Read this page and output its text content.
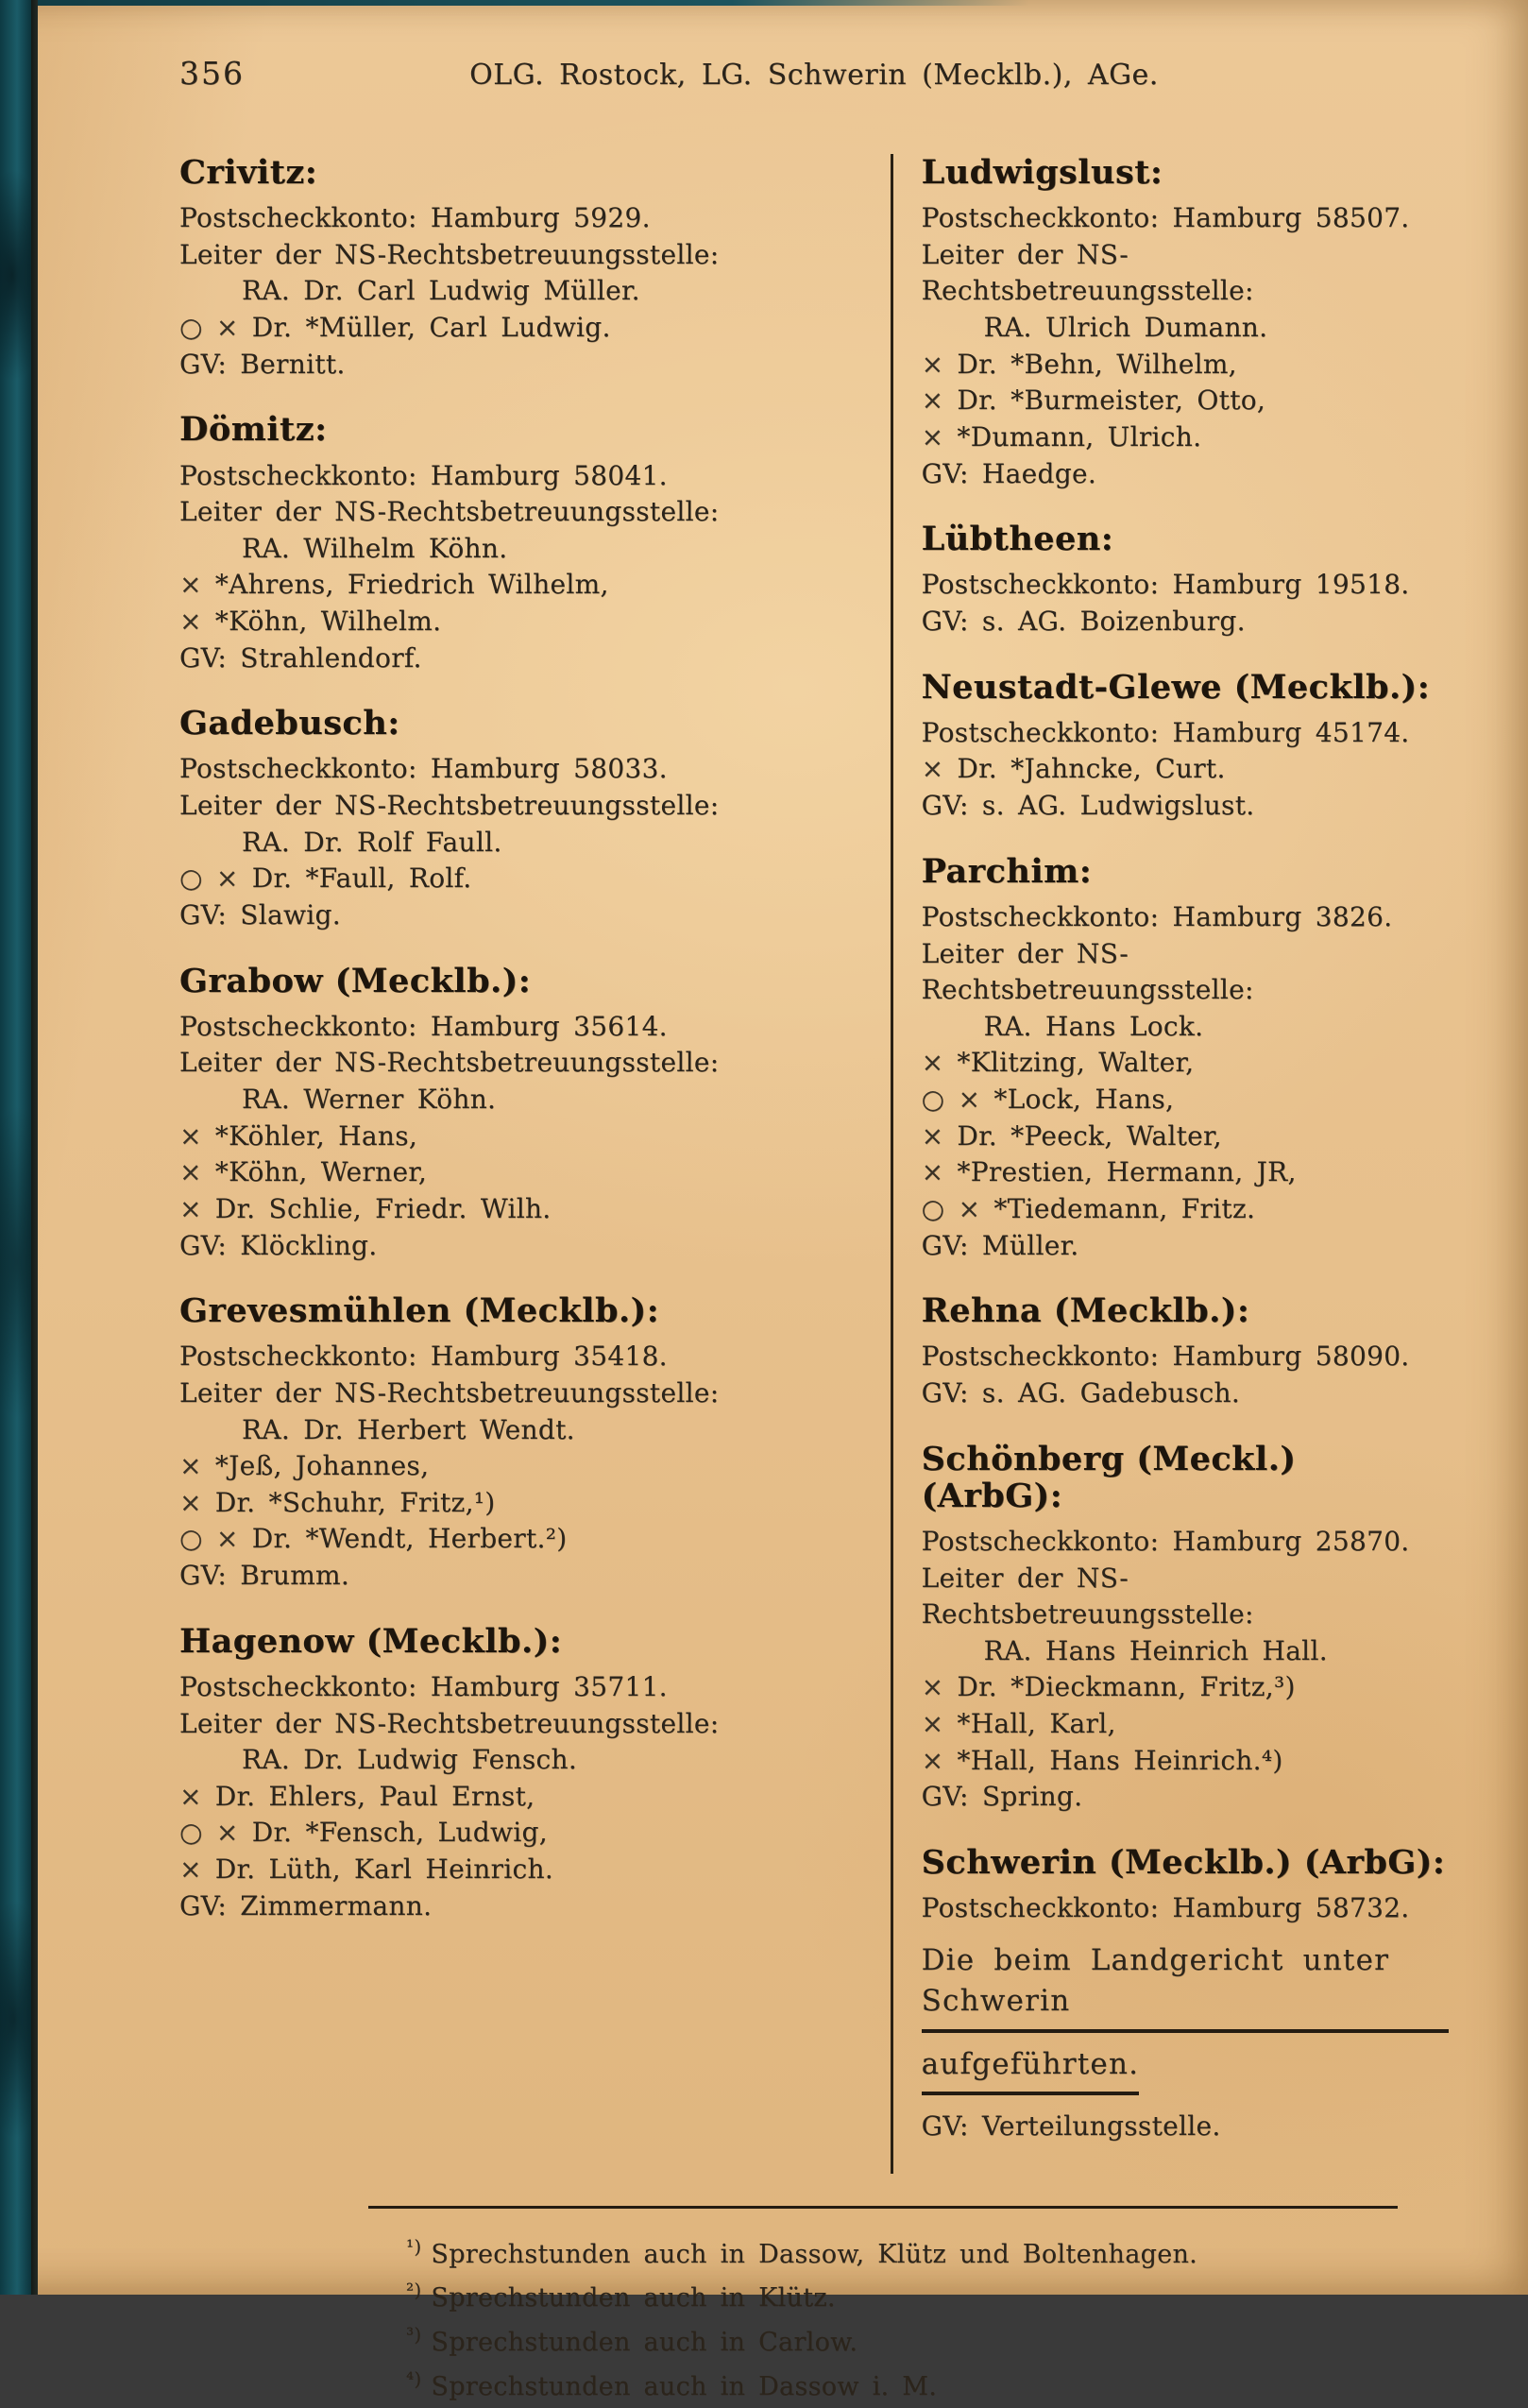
356	OLG. Rostock, LG. Schwerin (Mecklb.), AGe.
Crivitz:
Postscheckkonto: Hamburg 5929.
Leiter der NS-Rechtsbetreuungsstelle:
RA. Dr. Carl Ludwig Müller.
○ × Dr. *Müller, Carl Ludwig.
GV: Bernitt.
Dömitz:
Postscheckkonto: Hamburg 58041.
Leiter der NS-Rechtsbetreuungsstelle:
RA. Wilhelm Köhn.
× *Ahrens, Friedrich Wilhelm,
× *Köhn, Wilhelm.
GV: Strahlendorf.
Gadebusch:
Postscheckkonto: Hamburg 58033.
Leiter der NS-Rechtsbetreuungsstelle:
RA. Dr. Rolf Faull.
○ × Dr. *Faull, Rolf.
GV: Slawig.
Grabow (Mecklb.):
Postscheckkonto: Hamburg 35614.
Leiter der NS-Rechtsbetreuungsstelle:
RA. Werner Köhn.
× *Köhler, Hans,
× *Köhn, Werner,
× Dr. Schlie, Friedr. Wilh.
GV: Klöckling.
Grevesmühlen (Mecklb.):
Postscheckkonto: Hamburg 35418.
Leiter der NS-Rechtsbetreuungsstelle:
RA. Dr. Herbert Wendt.
× *Jeß, Johannes,
× Dr. *Schuhr, Fritz,¹)
○ × Dr. *Wendt, Herbert.²)
GV: Brumm.
Hagenow (Mecklb.):
Postscheckkonto: Hamburg 35711.
Leiter der NS-Rechtsbetreuungsstelle:
RA. Dr. Ludwig Fensch.
× Dr. Ehlers, Paul Ernst,
○ × Dr. *Fensch, Ludwig,
× Dr. Lüth, Karl Heinrich.
GV: Zimmermann.
Ludwigslust:
Postscheckkonto: Hamburg 58507.
Leiter der NS-Rechtsbetreuungsstelle:
RA. Ulrich Dumann.
× Dr. *Behn, Wilhelm,
× Dr. *Burmeister, Otto,
× *Dumann, Ulrich.
GV: Haedge.
Lübtheen:
Postscheckkonto: Hamburg 19518.
GV: s. AG. Boizenburg.
Neustadt-Glewe (Mecklb.):
Postscheckkonto: Hamburg 45174.
× Dr. *Jahncke, Curt.
GV: s. AG. Ludwigslust.
Parchim:
Postscheckkonto: Hamburg 3826.
Leiter der NS-Rechtsbetreuungsstelle:
RA. Hans Lock.
× *Klitzing, Walter,
○ × *Lock, Hans,
× Dr. *Peeck, Walter,
× *Prestien, Hermann, JR,
○ × *Tiedemann, Fritz.
GV: Müller.
Rehna (Mecklb.):
Postscheckkonto: Hamburg 58090.
GV: s. AG. Gadebusch.
Schönberg (Meckl.) (ArbG):
Postscheckkonto: Hamburg 25870.
Leiter der NS-Rechtsbetreuungsstelle:
RA. Hans Heinrich Hall.
× Dr. *Dieckmann, Fritz,³)
× *Hall, Karl,
× *Hall, Hans Heinrich.⁴)
GV: Spring.
Schwerin (Mecklb.) (ArbG):
Postscheckkonto: Hamburg 58732.
Die beim Landgericht unter Schwerin
aufgeführten.
GV: Verteilungsstelle.
$^{^1)}$ Sprechstunden auch in Dassow, Klütz und Boltenhagen.
$^{^2)}$ Sprechstunden auch in Klütz.
$^{^3)}$ Sprechstunden auch in Carlow.
$^{^4)}$ Sprechstunden auch in Dassow i. M.
